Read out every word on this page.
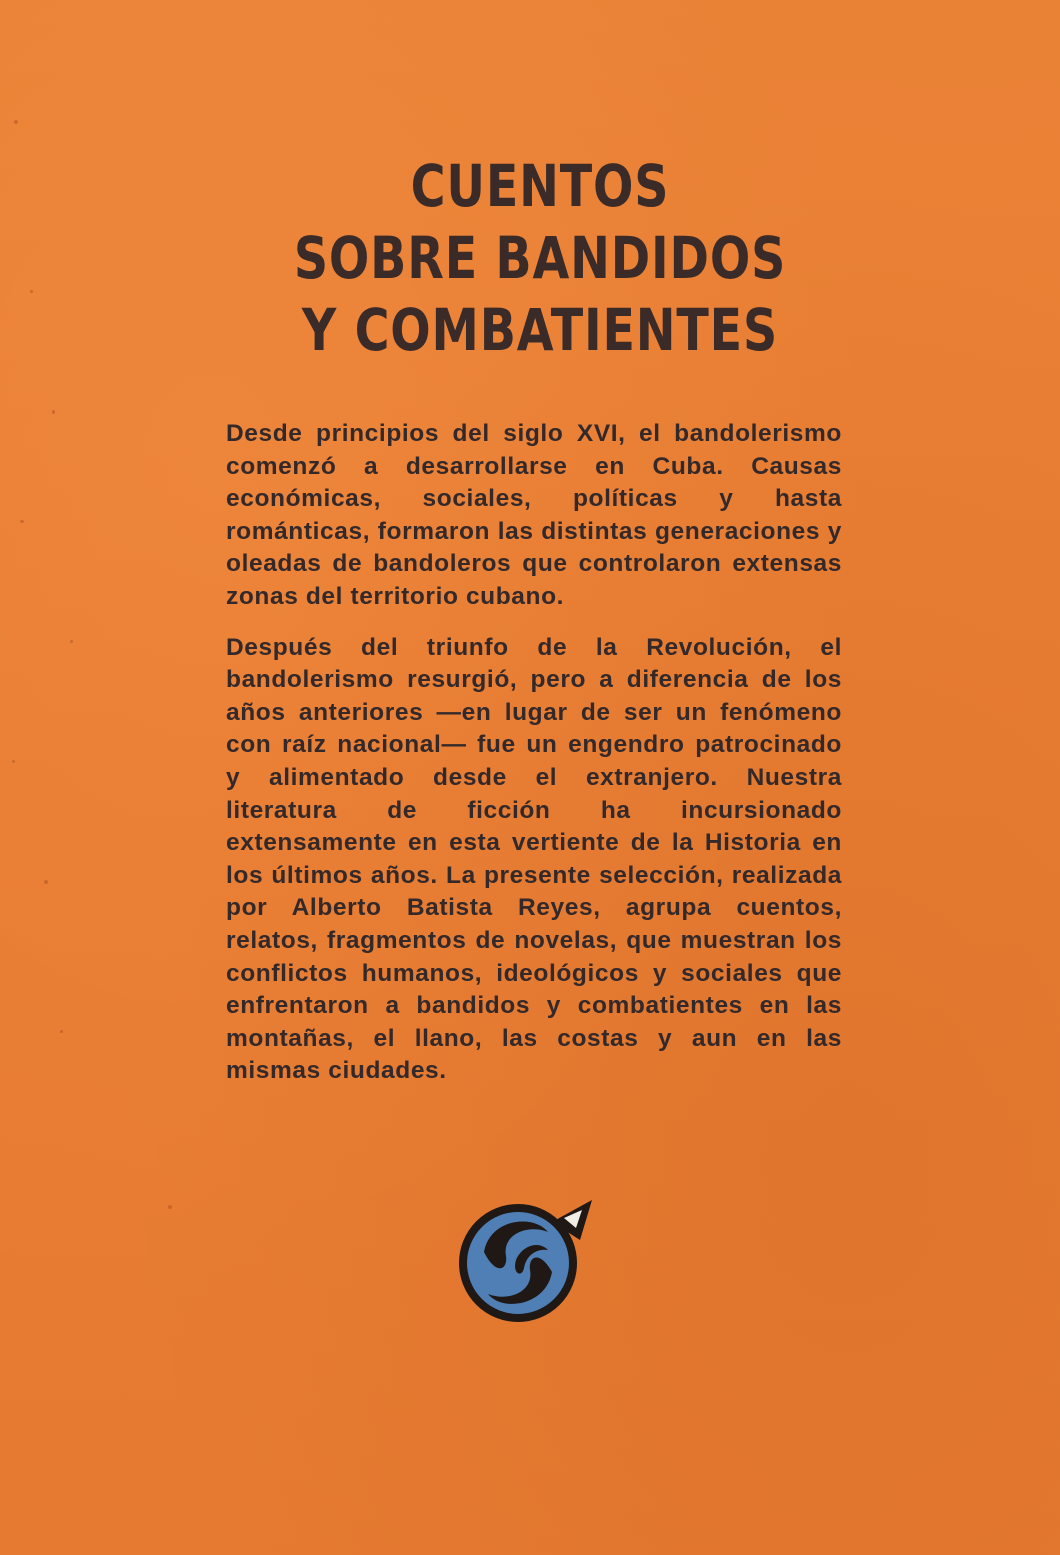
CUENTOS
SOBRE BANDIDOS
Y COMBATIENTES

Desde principios del siglo XVI, el bandolerismo comenzó a desarrollarse en Cuba. Causas económicas, sociales, políticas y hasta románticas, formaron las distintas generaciones y oleadas de bandoleros que controlaron extensas zonas del territorio cubano.

Después del triunfo de la Revolución, el bandolerismo resurgió, pero a diferencia de los años anteriores —en lugar de ser un fenómeno con raíz nacional— fue un engendro patrocinado y alimentado desde el extranjero. Nuestra literatura de ficción ha incursionado extensamente en esta vertiente de la Historia en los últimos años. La presente selección, realizada por Alberto Batista Reyes, agrupa cuentos, relatos, fragmentos de novelas, que muestran los conflictos humanos, ideológicos y sociales que enfrentaron a bandidos y combatientes en las montañas, el llano, las costas y aun en las mismas ciudades.
